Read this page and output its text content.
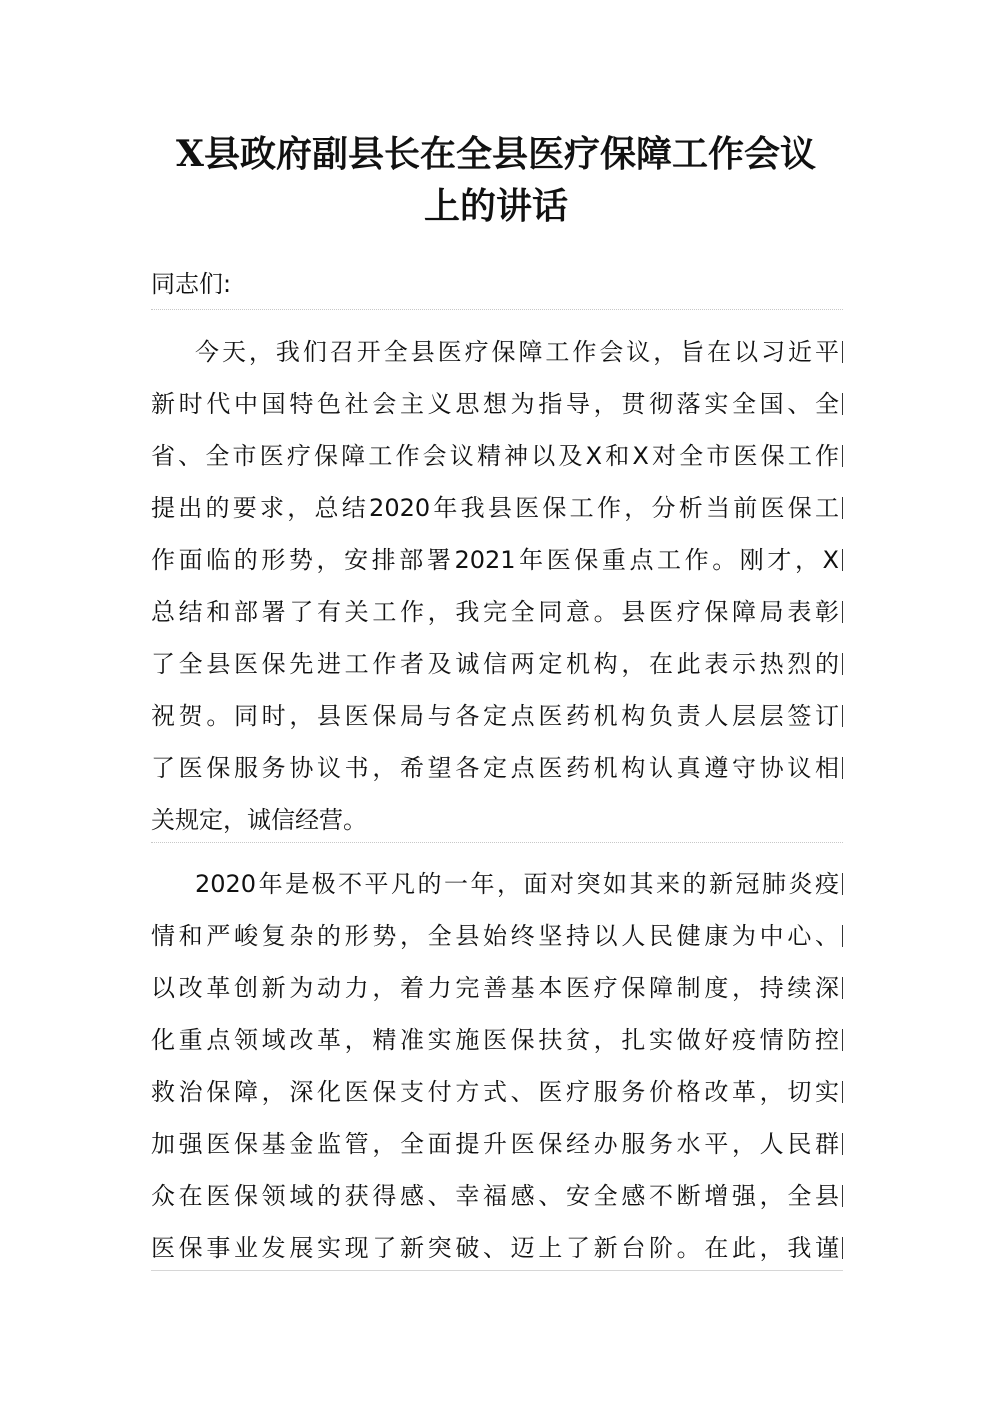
X县政府副县长在全县医疗保障工作会议
上的讲话
同志们:
今天，我们召开全县医疗保障工作会议，旨在以习近平
新时代中国特色社会主义思想为指导，贯彻落实全国、全
省、全市医疗保障工作会议精神以及X和X对全市医保工作
提出的要求，总结2020年我县医保工作，分析当前医保工
作面临的形势，安排部署2021年医保重点工作。刚才，X
总结和部署了有关工作，我完全同意。县医疗保障局表彰
了全县医保先进工作者及诚信两定机构，在此表示热烈的
祝贺。同时，县医保局与各定点医药机构负责人层层签订
了医保服务协议书，希望各定点医药机构认真遵守协议相
关规定，诚信经营。
2020年是极不平凡的一年，面对突如其来的新冠肺炎疫
情和严峻复杂的形势，全县始终坚持以人民健康为中心、
以改革创新为动力，着力完善基本医疗保障制度，持续深
化重点领域改革，精准实施医保扶贫，扎实做好疫情防控
救治保障，深化医保支付方式、医疗服务价格改革，切实
加强医保基金监管，全面提升医保经办服务水平，人民群
众在医保领域的获得感、幸福感、安全感不断增强，全县
医保事业发展实现了新突破、迈上了新台阶。在此，我谨
